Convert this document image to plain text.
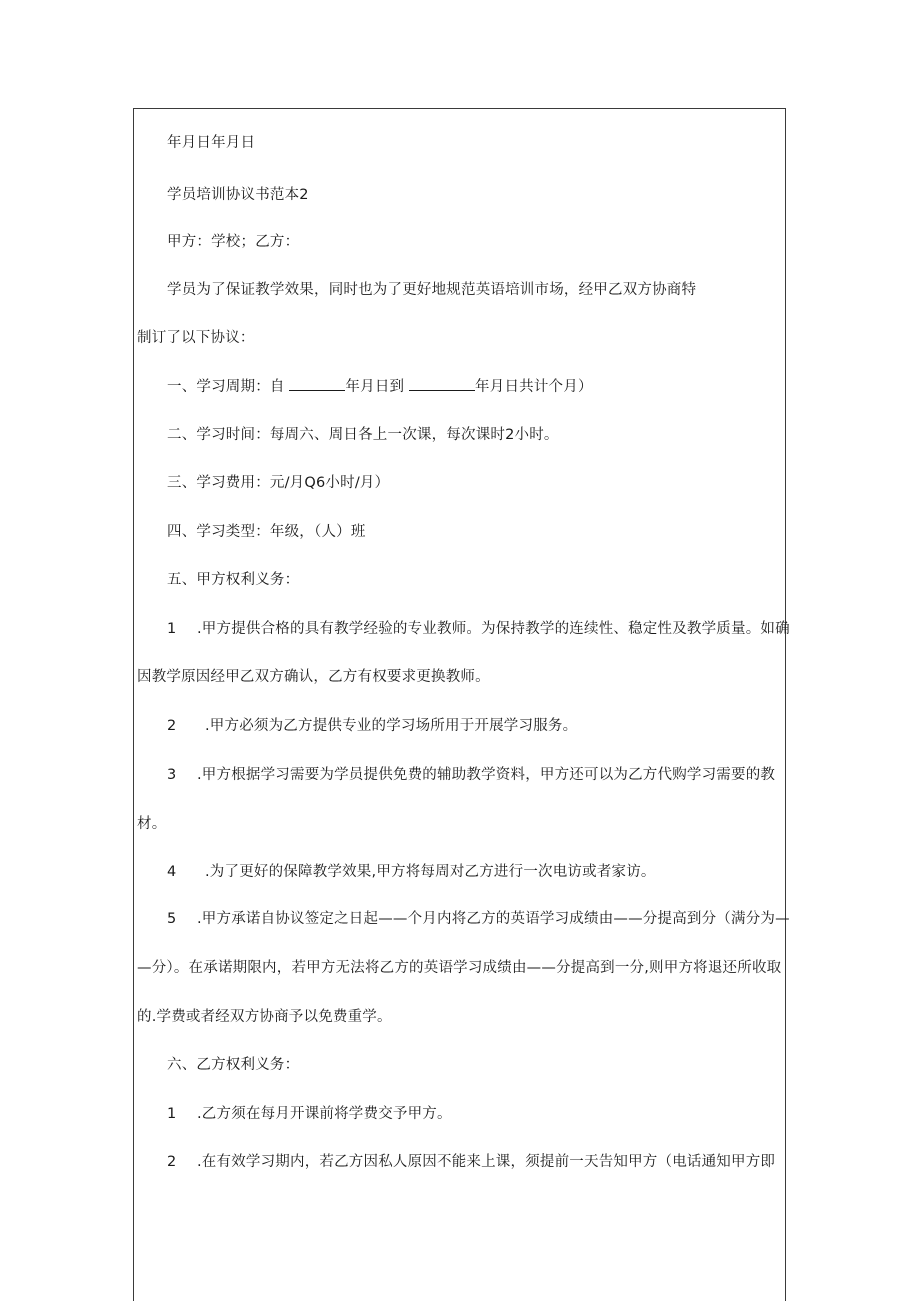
年月日年月日
学员培训协议书范本2
甲方：学校；乙方：
学员为了保证教学效果，同时也为了更好地规范英语培训市场，经甲乙双方协商特
制订了以下协议：
一、学习周期：自	年月日到	年月日共计个月）
二、学习时间：每周六、周日各上一次课，每次课时2小时。
三、学习费用：元/月Q6小时/月）
四、学习类型：年级，（人）班
五、甲方权利义务：
1 .甲方提供合格的具有教学经验的专业教师。为保持教学的连续性、稳定性及教学质量。如确
因教学原因经甲乙双方确认，乙方有权要求更换教师。
2 .甲方必须为乙方提供专业的学习场所用于开展学习服务。
3 .甲方根据学习需要为学员提供免费的辅助教学资料，甲方还可以为乙方代购学习需要的教
材。
4 .为了更好的保障教学效果,甲方将每周对乙方进行一次电访或者家访。
5 .甲方承诺自协议签定之日起——个月内将乙方的英语学习成绩由——分提高到分（满分为—
—分）。在承诺期限内，若甲方无法将乙方的英语学习成绩由——分提高到一分,则甲方将退还所收取
的.学费或者经双方协商予以免费重学。
六、乙方权利义务：
1 .乙方须在每月开课前将学费交予甲方。
2 .在有效学习期内，若乙方因私人原因不能来上课，须提前一天告知甲方（电话通知甲方即
